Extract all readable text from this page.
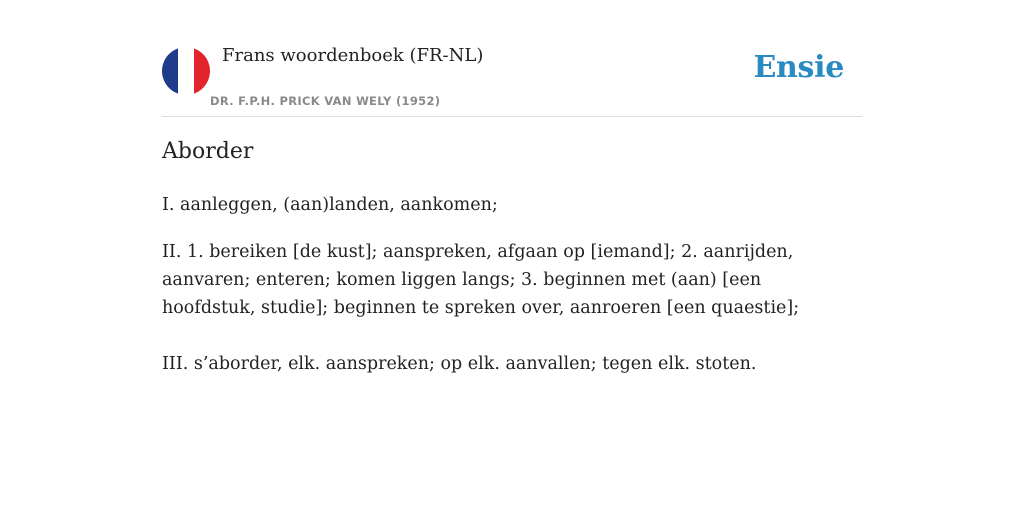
Frans woordenboek (FR-NL)
DR. F.P.H. PRICK VAN WELY (1952)
Ensie
Aborder

I. aanleggen, (aan)landen, aankomen;

II. 1. bereiken [de kust]; aanspreken, afgaan op [iemand]; 2. aanrijden, aanvaren; enteren; komen liggen langs; 3. beginnen met (aan) [een hoofdstuk, studie]; beginnen te spreken over, aanroeren [een quaestie];

III. s’aborder, elk. aanspreken; op elk. aanvallen; tegen elk. stoten.
